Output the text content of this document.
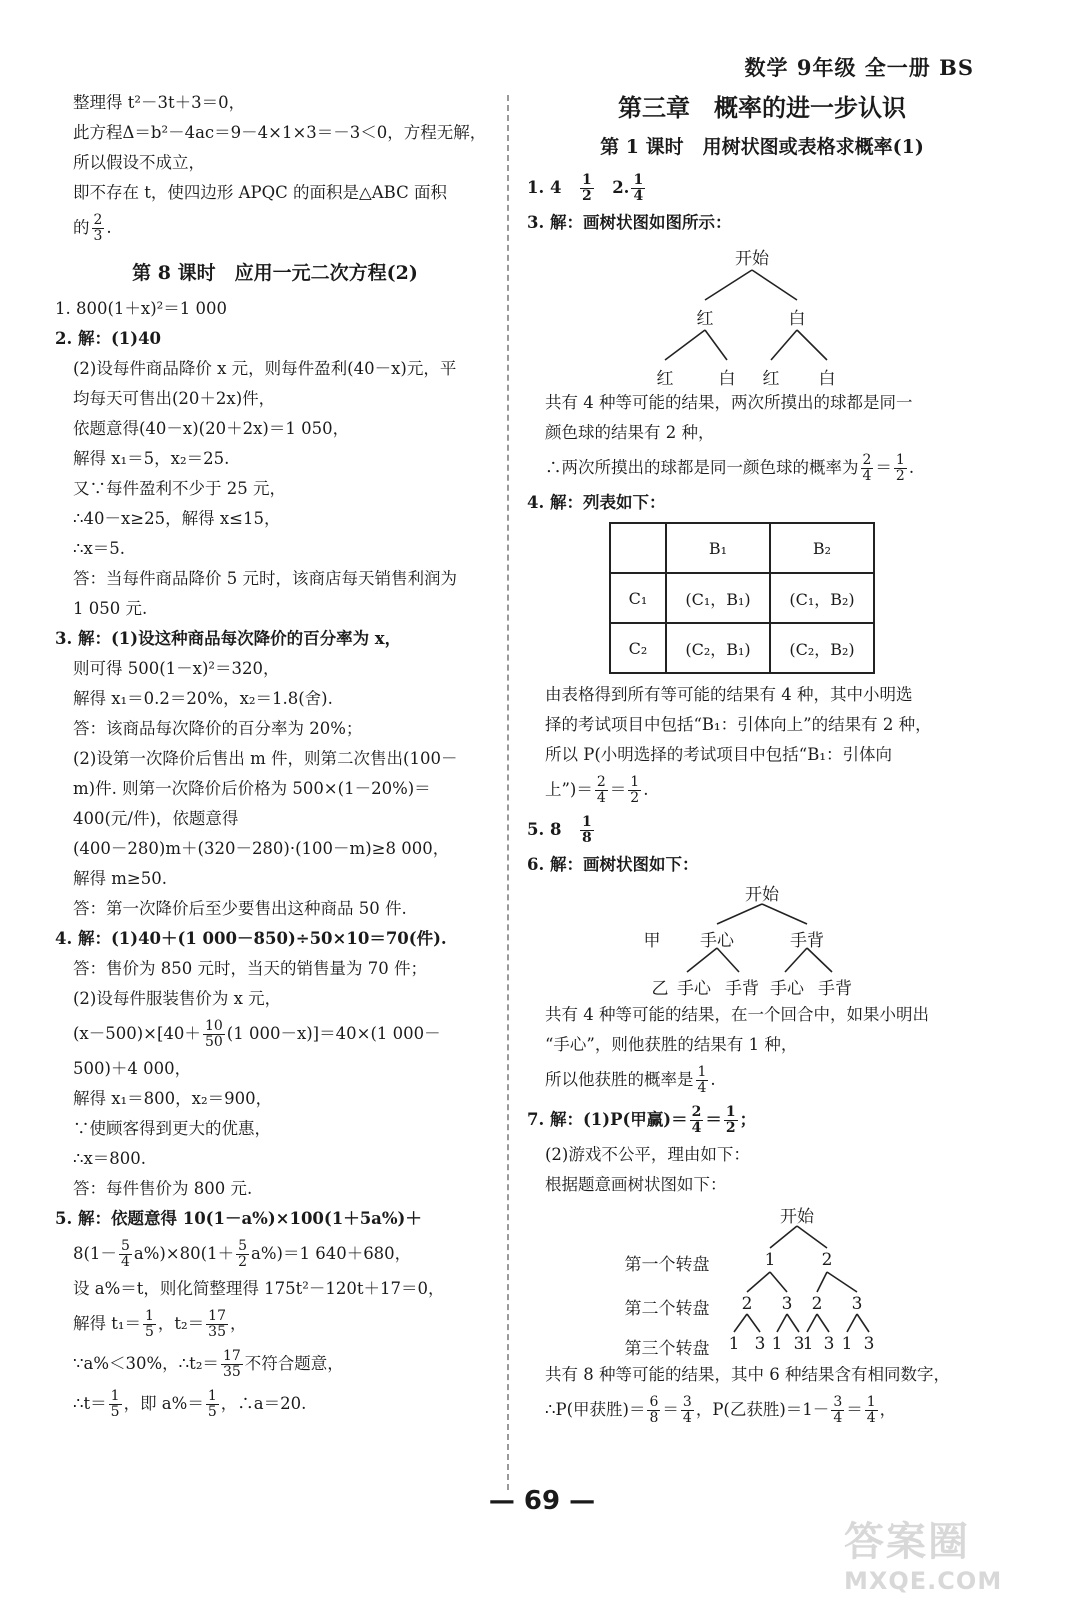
数学 9年级 全一册 BS

整理得 t²－3t＋3＝0，

此方程Δ＝b²－4ac＝9－4×1×3＝－3＜0，方程无解，

所以假设不成立，

即不存在 t，使四边形 APQC 的面积是△ABC 面积

的 $\frac{2}{3}$ .

第 8 课时　应用一元二次方程(2)

1. 800(1＋x)²＝1 000

2. 解：(1)40

(2)设每件商品降价 x 元，则每件盈利(40－x)元，平

均每天可售出(20＋2x)件，

依题意得(40－x)(20＋2x)＝1 050，

解得 x₁＝5，x₂＝25.

又∵每件盈利不少于 25 元，

∴40－x≥25，解得 x≤15，

∴x＝5.

答：当每件商品降价 5 元时，该商店每天销售利润为

1 050 元.

3. 解：(1)设这种商品每次降价的百分率为 x，

则可得 500(1－x)²＝320，

解得 x₁＝0.2＝20%，x₂＝1.8(舍).

答：该商品每次降价的百分率为 20%；

(2)设第一次降价后售出 m 件，则第二次售出(100－

m)件. 则第一次降价后价格为 500×(1－20%)＝

400(元/件)，依题意得

(400－280)m＋(320－280)·(100－m)≥8 000，

解得 m≥50.

答：第一次降价后至少要售出这种商品 50 件.

4. 解：(1)40＋(1 000－850)÷50×10＝70(件).

答：售价为 850 元时，当天的销售量为 70 件；

(2)设每件服装售价为 x 元，

$(x-500)\times[40+ \frac{10}{50} (1$ 000－x)]＝40×(1 000－

500)＋4 000，

解得 x₁＝800，x₂＝900，

∵使顾客得到更大的优惠，

∴x＝800.

答：每件售价为 800 元.

5. 解：依题意得 10(1－a%)×100(1＋5a%)＋

$8(1- \frac{5}{4} a\%)\times 80(1+ \frac{5}{2} a\%)=1$ 640＋680，

设 a%＝t，则化简整理得 175t²－120t＋17＝0，

解得 $t_1= \frac{1}{5}$ ，$t_2= \frac{17}{35}$ ，

∵a%＜30%，∴t₂＝ $\frac{17}{35}$ 不符合题意，

∴t＝ $\frac{1}{5}$ ，即 $a\%= \frac{1}{5}$ ，∴a＝20.

第三章　概率的进一步认识
第 1 课时　用树状图或表格求概率(1)

1. 4　 $\frac{1}{2}$ 　2. $\frac{1}{4}$

3. 解：画树状图如图所示：

开始
红	白
红	白 红 白

共有 4 种等可能的结果，两次所摸出的球都是同一

颜色球的结果有 2 种，

∴两次所摸出的球都是同一颜色球的概率为 $\frac{2}{4} = \frac{1}{2}$ .

4. 解：列表如下：

	B₁	B₂
C₁	(C₁，B₁)	(C₁，B₂)
C₂	(C₂，B₁)	(C₂，B₂)

由表格得到所有等可能的结果有 4 种，其中小明选

择的考试项目中包括“B₁：引体向上”的结果有 2 种，

所以 P(小明选择的考试项目中包括“B₁：引体向

上”)＝ $\frac{2}{4} = \frac{1}{2}$ .

5. 8　 $\frac{1}{8}$

6. 解：画树状图如下：

开始
甲 手心	手背
乙 手心 手背 手心 手背

共有 4 种等可能的结果，在一个回合中，如果小明出

“手心”，则他获胜的结果有 1 种，

所以他获胜的概率是 $\frac{1}{4}$ .

7. 解：(1)P(甲赢)＝ $\frac{2}{4} = \frac{1}{2}$ ；

(2)游戏不公平，理由如下：

根据题意画树状图如下：

开始
第一个转盘	1	2
第二个转盘 2 3 2 3
第三个转盘 1 3 1 3
1 3 1 3

共有 8 种等可能的结果，其中 6 种结果含有相同数字，

∴P(甲获胜)＝ $\frac{6}{8} = \frac{3}{4}$ ，P(乙获胜)$=1- \frac{3}{4} = \frac{1}{4}$ ，

— 69 —
答案圈
MXQE.COM
